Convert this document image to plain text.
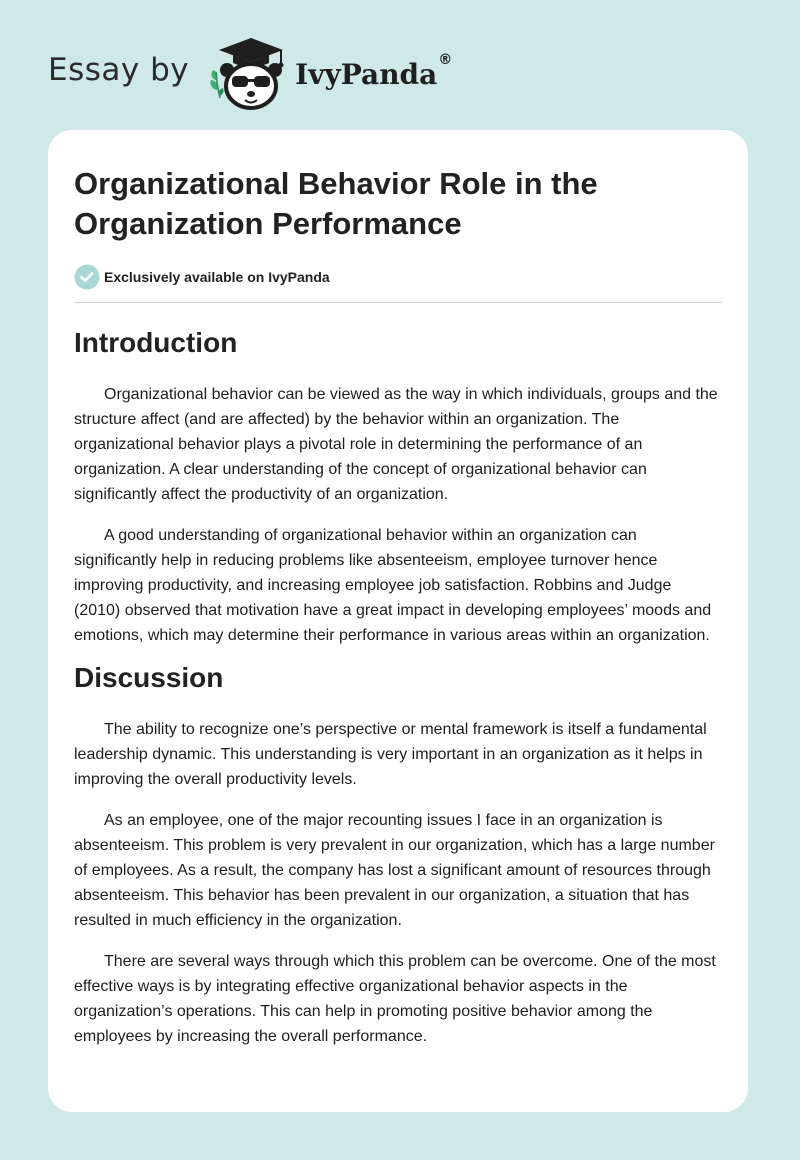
Essay by	IvyPanda®
Organizational Behavior Role in the Organization Performance
Exclusively available on IvyPanda
Introduction

Organizational behavior can be viewed as the way in which individuals, groups and the structure affect (and are affected) by the behavior within an organization. The organizational behavior plays a pivotal role in determining the performance of an organization. A clear understanding of the concept of organizational behavior can significantly affect the productivity of an organization.

A good understanding of organizational behavior within an organization can significantly help in reducing problems like absenteeism, employee turnover hence improving productivity, and increasing employee job satisfaction. Robbins and Judge (2010) observed that motivation have a great impact in developing employees’ moods and emotions, which may determine their performance in various areas within an organization.

Discussion

The ability to recognize one’s perspective or mental framework is itself a fundamental leadership dynamic. This understanding is very important in an organization as it helps in improving the overall productivity levels.

As an employee, one of the major recounting issues I face in an organization is absenteeism. This problem is very prevalent in our organization, which has a large number of employees. As a result, the company has lost a significant amount of resources through absenteeism. This behavior has been prevalent in our organization, a situation that has resulted in much efficiency in the organization.

There are several ways through which this problem can be overcome. One of the most effective ways is by integrating effective organizational behavior aspects in the organization’s operations. This can help in promoting positive behavior among the employees by increasing the overall performance.
